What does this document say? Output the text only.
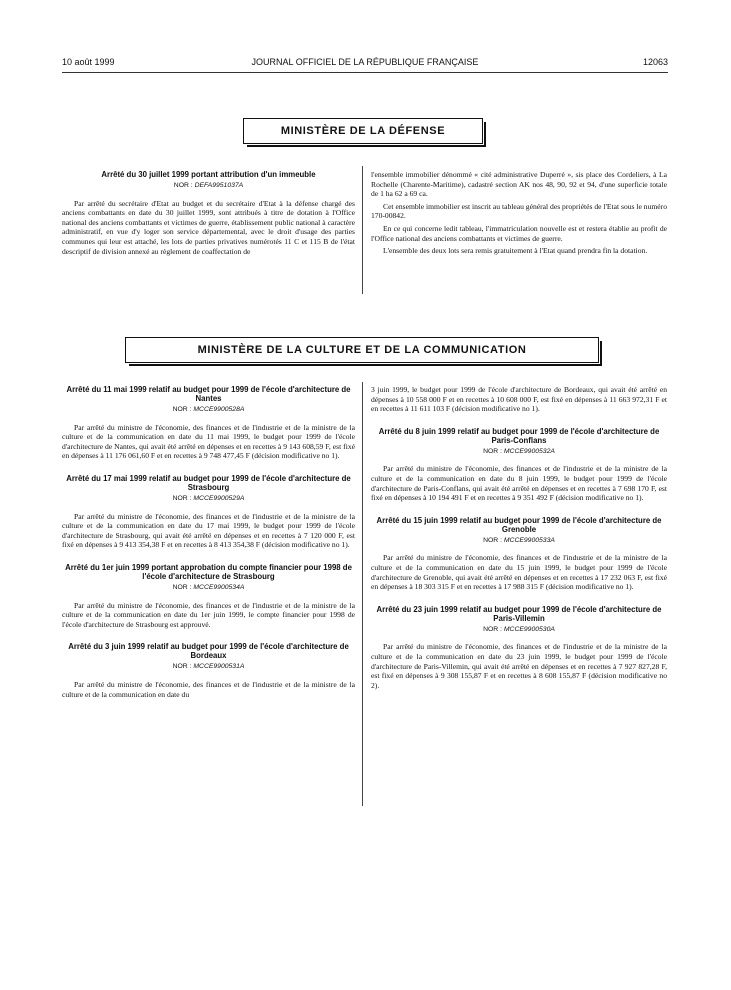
10 août 1999	JOURNAL OFFICIEL DE LA RÉPUBLIQUE FRANÇAISE	12063
MINISTÈRE DE LA DÉFENSE

Arrêté du 30 juillet 1999 portant attribution d'un immeuble

NOR : DEFA9951037A

Par arrêté du secrétaire d'Etat au budget et du secrétaire d'Etat à la défense chargé des anciens combattants en date du 30 juillet 1999, sont attribués à titre de dotation à l'Office national des anciens combattants et victimes de guerre, établissement public national à caractère administratif, en vue d'y loger son service départemental, avec le droit d'usage des parties communes qui leur est attaché, les lots de parties privatives numérotés 11 C et 115 B de l'état descriptif de division annexé au règlement de coaffectation de

l'ensemble immobilier dénommé « cité administrative Duperré », sis place des Cordeliers, à La Rochelle (Charente-Maritime), cadastré section AK nos 48, 90, 92 et 94, d'une superficie totale de 1 ha 62 a 69 ca.

Cet ensemble immobilier est inscrit au tableau général des propriétés de l'Etat sous le numéro 170-00842.

En ce qui concerne ledit tableau, l'immatriculation nouvelle est et restera établie au profit de l'Office national des anciens combattants et victimes de guerre.

L'ensemble des deux lots sera remis gratuitement à l'Etat quand prendra fin la dotation.

MINISTÈRE DE LA CULTURE ET DE LA COMMUNICATION

Arrêté du 11 mai 1999 relatif au budget pour 1999 de l'école d'architecture de Nantes

NOR : MCCE9900528A

Par arrêté du ministre de l'économie, des finances et de l'industrie et de la ministre de la culture et de la communication en date du 11 mai 1999, le budget pour 1999 de l'école d'architecture de Nantes, qui avait été arrêté en dépenses et en recettes à 9 143 608,59 F, est fixé en dépenses à 11 176 061,60 F et en recettes à 9 748 477,45 F (décision modificative no 1).

Arrêté du 17 mai 1999 relatif au budget pour 1999 de l'école d'architecture de Strasbourg

NOR : MCCE9900529A

Par arrêté du ministre de l'économie, des finances et de l'industrie et de la ministre de la culture et de la communication en date du 17 mai 1999, le budget pour 1999 de l'école d'architecture de Strasbourg, qui avait été arrêté en dépenses et en recettes à 7 120 000 F, est fixé en dépenses à 9 413 354,38 F et en recettes à 8 413 354,38 F (décision modificative no 1).

Arrêté du 1er juin 1999 portant approbation du compte financier pour 1998 de l'école d'architecture de Strasbourg

NOR : MCCE9900534A

Par arrêté du ministre de l'économie, des finances et de l'industrie et de la ministre de la culture et de la communication en date du 1er juin 1999, le compte financier pour 1998 de l'école d'architecture de Strasbourg est approuvé.

Arrêté du 3 juin 1999 relatif au budget pour 1999 de l'école d'architecture de Bordeaux

NOR : MCCE9900531A

Par arrêté du ministre de l'économie, des finances et de l'industrie et de la ministre de la culture et de la communication en date du

3 juin 1999, le budget pour 1999 de l'école d'architecture de Bordeaux, qui avait été arrêté en dépenses à 10 558 000 F et en recettes à 10 608 000 F, est fixé en dépenses à 11 663 972,31 F et en recettes à 11 611 103 F (décision modificative no 1).

Arrêté du 8 juin 1999 relatif au budget pour 1999 de l'école d'architecture de Paris-Conflans

NOR : MCCE9900532A

Par arrêté du ministre de l'économie, des finances et de l'industrie et de la ministre de la culture et de la communication en date du 8 juin 1999, le budget pour 1999 de l'école d'architecture de Paris-Conflans, qui avait été arrêté en dépenses et en recettes à 7 698 170 F, est fixé en dépenses à 10 194 491 F et en recettes à 9 351 492 F (décision modificative no 1).

Arrêté du 15 juin 1999 relatif au budget pour 1999 de l'école d'architecture de Grenoble

NOR : MCCE9900533A

Par arrêté du ministre de l'économie, des finances et de l'industrie et de la ministre de la culture et de la communication en date du 15 juin 1999, le budget pour 1999 de l'école d'architecture de Grenoble, qui avait été arrêté en dépenses et en recettes à 17 232 063 F, est fixé en dépenses à 18 303 315 F et en recettes à 17 988 315 F (décision modificative no 1).

Arrêté du 23 juin 1999 relatif au budget pour 1999 de l'école d'architecture de Paris-Villemin

NOR : MCCE9900530A

Par arrêté du ministre de l'économie, des finances et de l'industrie et de la ministre de la culture et de la communication en date du 23 juin 1999, le budget pour 1999 de l'école d'architecture de Paris-Villemin, qui avait été arrêté en dépenses et en recettes à 7 927 827,28 F, est fixé en dépenses à 9 308 155,87 F et en recettes à 8 608 155,87 F (décision modificative no 2).
